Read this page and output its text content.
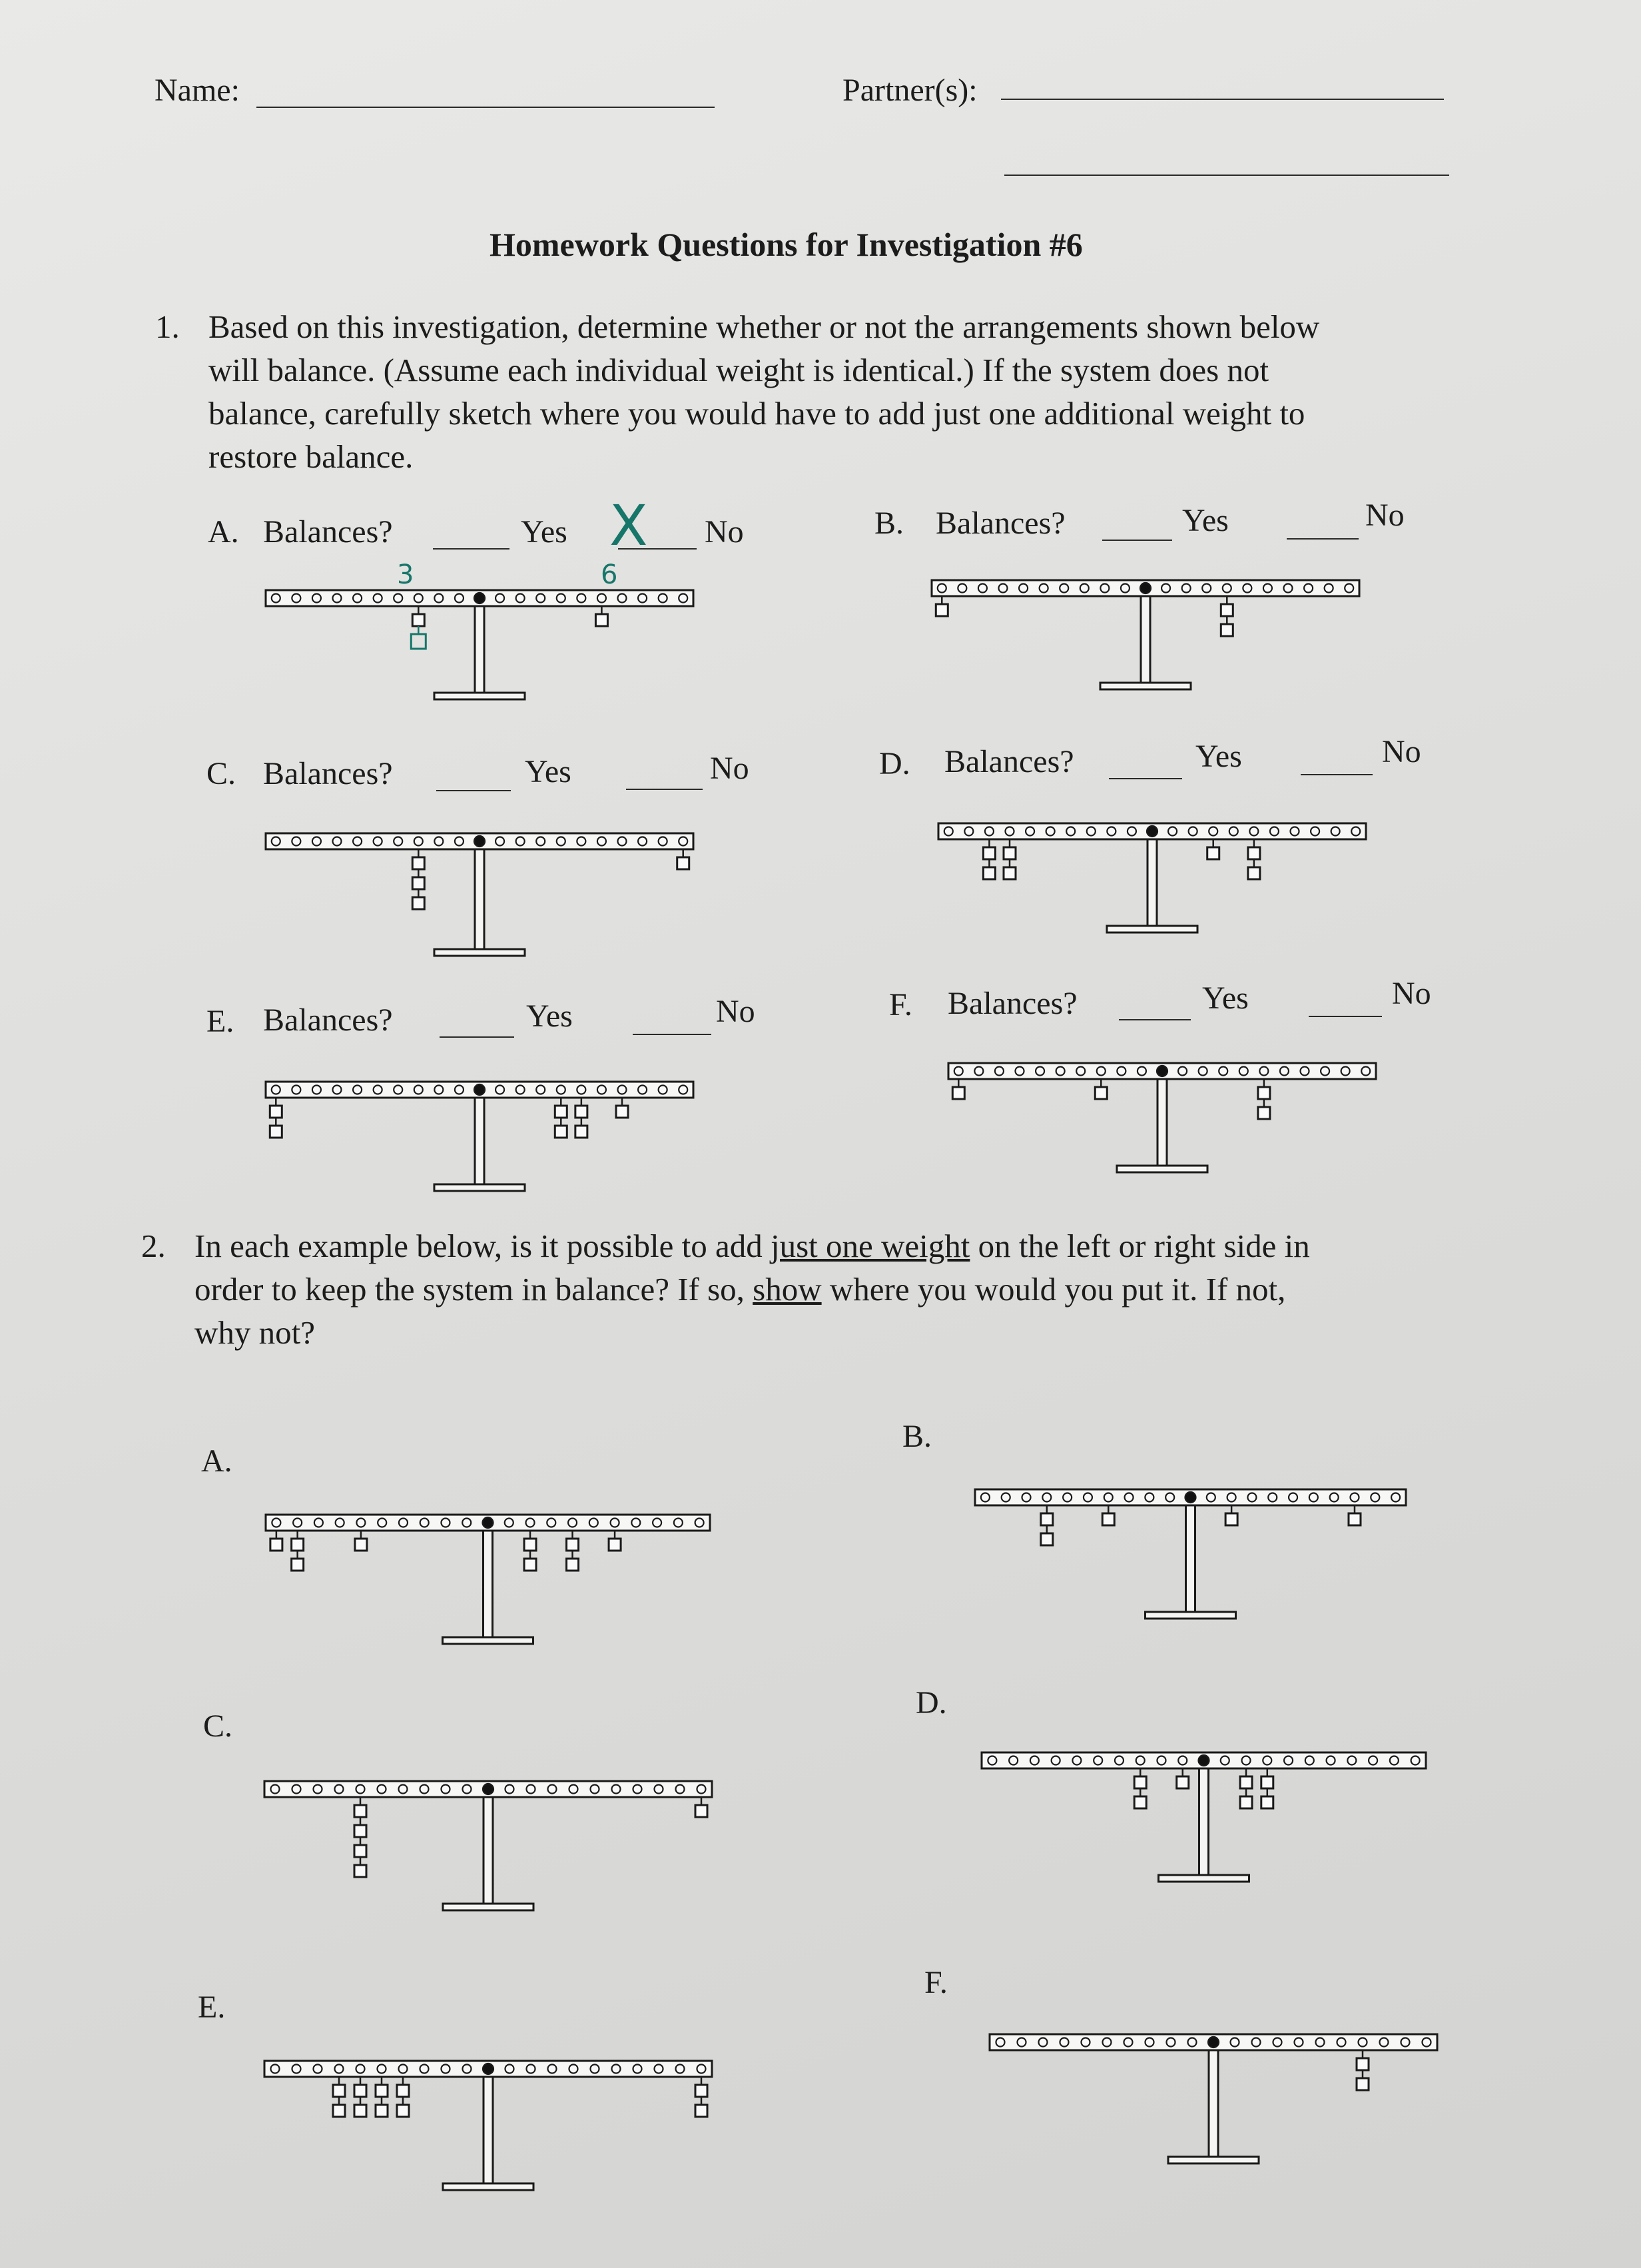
Name:	Partner(s):
Homework Questions for Investigation #6
1. Based on this investigation, determine whether or not the arrangements shown below
will balance. (Assume each individual weight is identical.) If the system does not
balance, carefully sketch where you would have to add just one additional weight to
restore balance.
A. Balances?	Yes	No
X
3	6
B. Balances?	Yes	No
C. Balances?	Yes	No	D. Balances?	Yes	No
E. Balances?	Yes	No	F. Balances?	Yes	No
2. In each example below, is it possible to add just one weight on the left or right side in
order to keep the system in balance? If so, show where you would you put it. If not,
why not?
A.
B.
C.
D.
E.
F.
